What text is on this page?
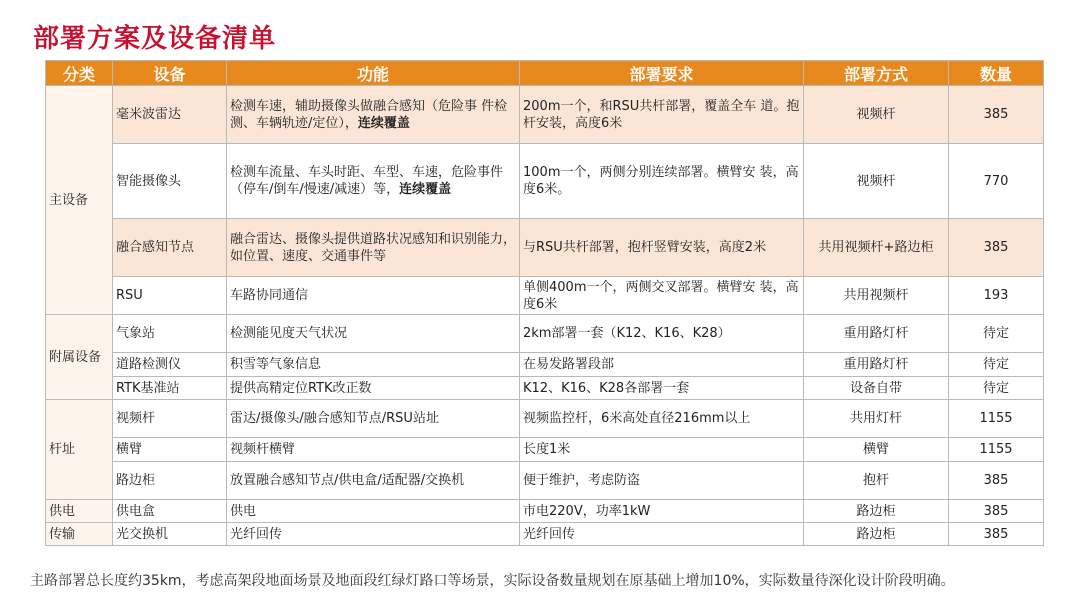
部署方案及设备清单
分类	设备	功能	部署要求	部署方式	数量
主设备	毫米波雷达	检测车速，辅助摄像头做融合感知（危险事 件检测、车辆轨迹/定位），连续覆盖	200m一个，和RSU共杆部署，覆盖全车 道。抱杆安装，高度6米	视频杆	385
	智能摄像头	检测车流量、车头时距、车型、车速，危险事件（停车/倒车/慢速/减速）等，连续覆盖	100m一个，两侧分别连续部署。横臂安 装，高度6米。	视频杆	770
	融合感知节点	融合雷达、摄像头提供道路状况感知和识别能力，如位置、速度、交通事件等	与RSU共杆部署，抱杆竖臂安装，高度2米	共用视频杆+路边柜	385
	RSU	车路协同通信	单侧400m一个，两侧交叉部署。横臂安 装，高度6米	共用视频杆	193
附属设备	气象站	检测能见度天气状况	2km部署一套（K12、K16、K28）	重用路灯杆	待定
	道路检测仪	积雪等气象信息	在易发路署段部	重用路灯杆	待定
	RTK基准站	提供高精定位RTK改正数	K12、K16、K28各部署一套	设备自带	待定
杆址	视频杆	雷达/摄像头/融合感知节点/RSU站址	视频监控杆，6米高处直径216mm以上	共用灯杆	1155
	横臂	视频杆横臂	长度1米	横臂	1155
	路边柜	放置融合感知节点/供电盒/适配器/交换机	便于维护，考虑防盗	抱杆	385
供电	供电盒	供电	市电220V，功率1kW	路边柜	385
传输	光交换机	光纤回传	光纤回传	路边柜	385
主路部署总长度约35km，考虑高架段地面场景及地面段红绿灯路口等场景，实际设备数量规划在原基础上增加10%，实际数量待深化设计阶段明确。
